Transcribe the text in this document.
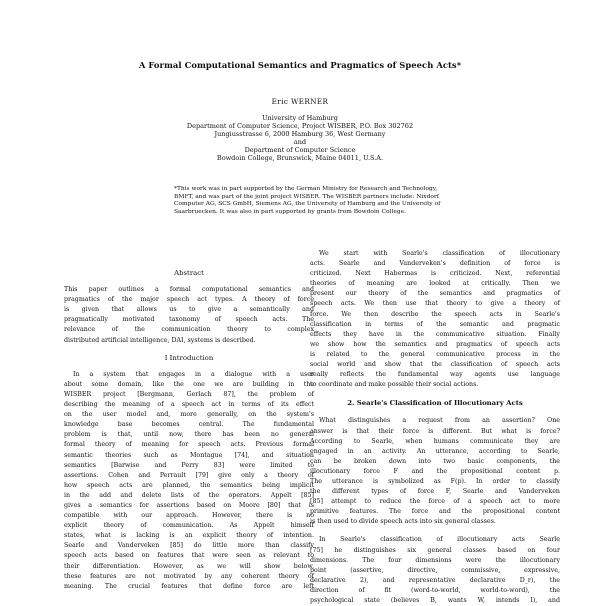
A Formal Computational Semantics and Pragmatics of Speech Acts*
Eric WERNER
University of Hamburg
Department of Computer Science, Project WISBER, P.O. Box 302762
Jungiusstrasse 6, 2000 Hamburg 36, West Germany
and
Department of Computer Science
Bowdoin College, Brunswick, Maine 04011, U.S.A.
*This work was in part supported by the German Ministry for Research and Technology,
BMFT, and was part of the joint project WISBER. The WISBER partners include: Nixdorf
Computer AG, SCS GmbH, Siemens AG, the University of Hamburg and the University of
Saarbruecken. It was also in part supported by grants from Bowdoin College.
Abstract
This paper outlines a formal computational semantics and
pragmatics of the major speech act types. A theory of force
is given that allows us to give a semantically and
pragmatically motivated taxonomy of speech acts. The
relevance of the communication theory to complex
distributed artificial intelligence, DAI, systems is described.
I Introduction
In a system that engages in a dialogue with a user
about some domain, like the one we are building in the
WISBER project [Bergmann, Gerlach 87], the problem of
describing the meaning of a speech act in terms of its effect
on the user model and, more generally, on the system's
knowledge base becomes central. The fundamental
problem is that, until now, there has been no general
formal theory of meaning for speech acts. Previous formal
semantic theories such as Montague [74], and situation
semantics [Barwise and Perry 83] were limited to
assertions. Cohen and Perrault [79] give only a theory of
how speech acts are planned, the semantics being implicit
in the add and delete lists of the operators. Appelt [85]
gives a semantics for assertions based on Moore [80] that is
compatible with our approach. However, there is no
explicit theory of communication. As Appelt himself
states, what is lacking is an explicit theory of intention.
Searle and Vanderveken [85] do little more than classify
speech acts based on features that were seen as relevant to
their differentiation. However, as we will show below,
these features are not motivated by any coherent theory of
meaning. The crucial features that define force are left
We start with Searle's classification of illocutionary
acts. Searle and Vanderveken's definition of force is
criticized. Next Habermas is criticized. Next, referential
theories of meaning are looked at critically. Then we
present our theory of the semantics and pragmatics of
speech acts. We then use that theory to give a theory of
force. We then describe the speech acts in Searle's
classification in terms of the semantic and pragmatic
effects they have in the communicative situation. Finally
we show how the semantics and pragmatics of speech acts
is related to the general communicative process in the
social world and show that the classification of speech acts
really reflects the fundamental way agents use language
to coordinate and make possible their social actions.
2. Searle's Classification of Illocutionary Acts
What distinguishes a request from an assertion? One
answer is that their force is different. But what is force?
According to Searle, when humans communicate they are
engaged in an activity. An utterance, according to Searle,
can be broken down into two basic components, the
illocutionary force F and the propositional content p.
The utterance is symbolized as F(p). In order to classify
the different types of force F, Searle and Vanderveken
[85] attempt to reduce the force of a speech act to more
primitive features. The force and the propositional content
is then used to divide speech acts into six general classes.
In Searle's classification of illocutionary acts Searle
[75] he distinguishes six general classes based on four
dimensions. The four dimensions were the illocutionary
point (assertive, directive, commissive, expressive,
declarative 2), and representative declarative D_r), the
direction of fit (word-to-world, world-to-word), the
psychological state (believes B, wants W, intends I), and
